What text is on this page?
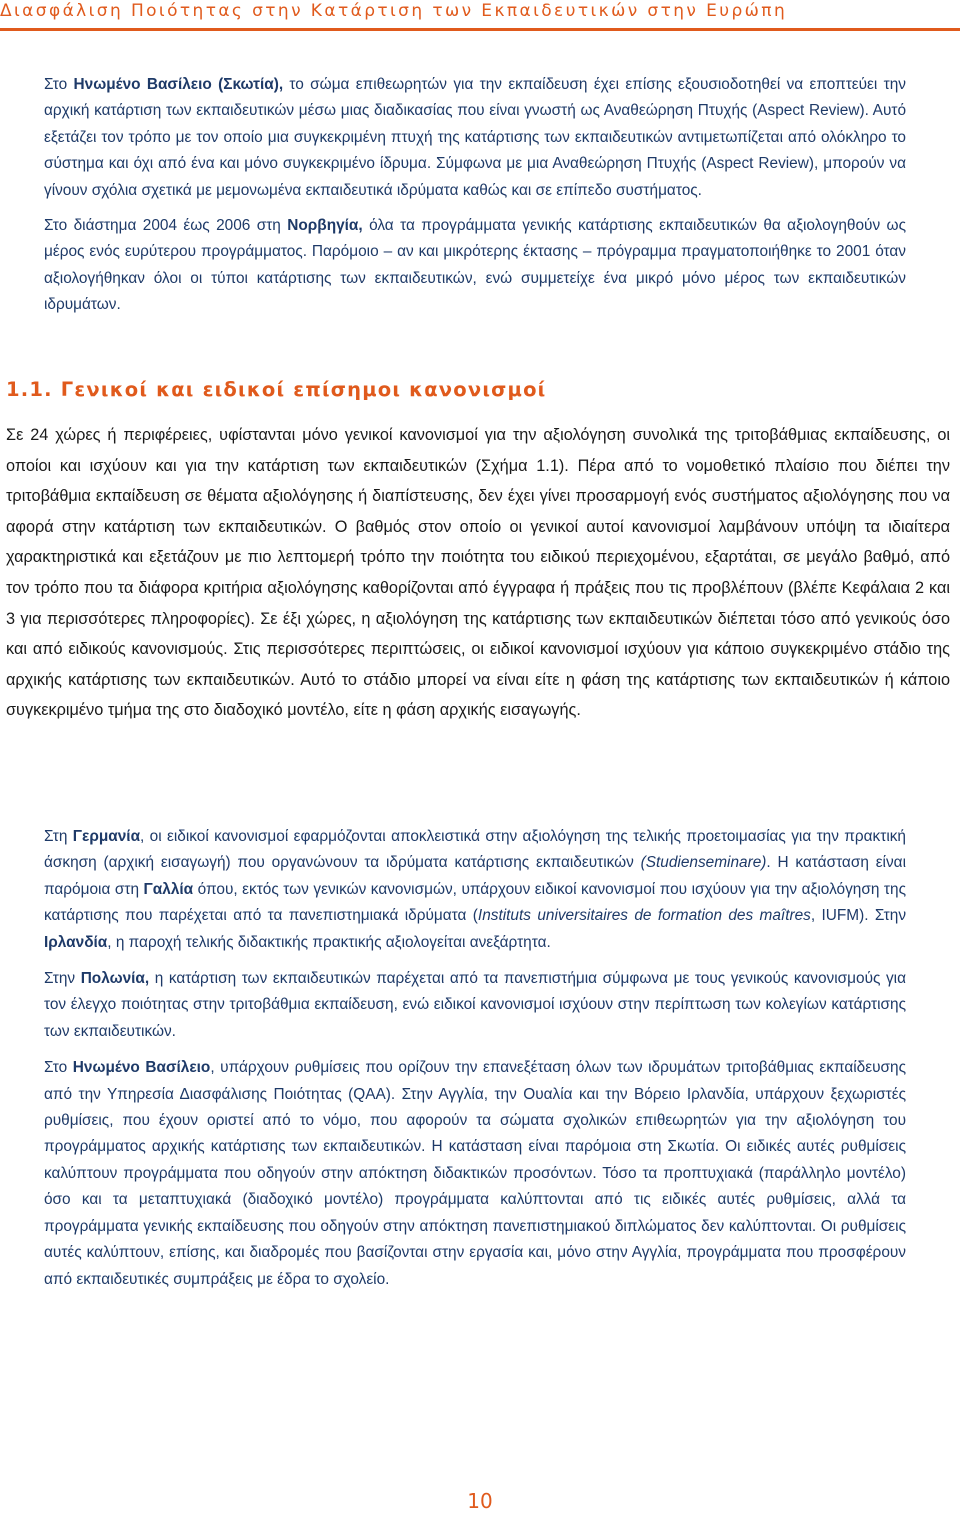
Διασφάλιση Ποιότητας στην Κατάρτιση των Εκπαιδευτικών στην Ευρώπη

Στο Ηνωμένο Βασίλειο (Σκωτία), το σώμα επιθεωρητών για την εκπαίδευση έχει επίσης εξουσιοδοτηθεί να εποπτεύει την αρχική κατάρτιση των εκπαιδευτικών μέσω μιας διαδικασίας που είναι γνωστή ως Αναθεώρηση Πτυχής (Aspect Review). Αυτό εξετάζει τον τρόπο με τον οποίο μια συγκεκριμένη πτυχή της κατάρτισης των εκπαιδευτικών αντιμετωπίζεται από ολόκληρο το σύστημα και όχι από ένα και μόνο συγκεκριμένο ίδρυμα. Σύμφωνα με μια Αναθεώρηση Πτυχής (Aspect Review), μπορούν να γίνουν σχόλια σχετικά με μεμονωμένα εκπαιδευτικά ιδρύματα καθώς και σε επίπεδο συστήματος.

Στο διάστημα 2004 έως 2006 στη Νορβηγία, όλα τα προγράμματα γενικής κατάρτισης εκπαιδευτικών θα αξιολογηθούν ως μέρος ενός ευρύτερου προγράμματος. Παρόμοιο – αν και μικρότερης έκτασης – πρόγραμμα πραγματοποιήθηκε το 2001 όταν αξιολογήθηκαν όλοι οι τύποι κατάρτισης των εκπαιδευτικών, ενώ συμμετείχε ένα μικρό μόνο μέρος των εκπαιδευτικών ιδρυμάτων.

1.1. Γενικοί και ειδικοί επίσημοι κανονισμοί

Σε 24 χώρες ή περιφέρειες, υφίστανται μόνο γενικοί κανονισμοί για την αξιολόγηση συνολικά της τριτοβάθμιας εκπαίδευσης, οι οποίοι και ισχύουν και για την κατάρτιση των εκπαιδευτικών (Σχήμα 1.1). Πέρα από το νομοθετικό πλαίσιο που διέπει την τριτοβάθμια εκπαίδευση σε θέματα αξιολόγησης ή διαπίστευσης, δεν έχει γίνει προσαρμογή ενός συστήματος αξιολόγησης που να αφορά στην κατάρτιση των εκπαιδευτικών. Ο βαθμός στον οποίο οι γενικοί αυτοί κανονισμοί λαμβάνουν υπόψη τα ιδιαίτερα χαρακτηριστικά και εξετάζουν με πιο λεπτομερή τρόπο την ποιότητα του ειδικού περιεχομένου, εξαρτάται, σε μεγάλο βαθμό, από τον τρόπο που τα διάφορα κριτήρια αξιολόγησης καθορίζονται από έγγραφα ή πράξεις που τις προβλέπουν (βλέπε Κεφάλαια 2 και 3 για περισσότερες πληροφορίες). Σε έξι χώρες, η αξιολόγηση της κατάρτισης των εκπαιδευτικών διέπεται τόσο από γενικούς όσο και από ειδικούς κανονισμούς. Στις περισσότερες περιπτώσεις, οι ειδικοί κανονισμοί ισχύουν για κάποιο συγκεκριμένο στάδιο της αρχικής κατάρτισης των εκπαιδευτικών. Αυτό το στάδιο μπορεί να είναι είτε η φάση της κατάρτισης των εκπαιδευτικών ή κάποιο συγκεκριμένο τμήμα της στο διαδοχικό μοντέλο, είτε η φάση αρχικής εισαγωγής.

Στη Γερμανία, οι ειδικοί κανονισμοί εφαρμόζονται αποκλειστικά στην αξιολόγηση της τελικής προετοιμασίας για την πρακτική άσκηση (αρχική εισαγωγή) που οργανώνουν τα ιδρύματα κατάρτισης εκπαιδευτικών (Studienseminare). Η κατάσταση είναι παρόμοια στη Γαλλία όπου, εκτός των γενικών κανονισμών, υπάρχουν ειδικοί κανονισμοί που ισχύουν για την αξιολόγηση της κατάρτισης που παρέχεται από τα πανεπιστημιακά ιδρύματα (Instituts universitaires de formation des maîtres, IUFM). Στην Ιρλανδία, η παροχή τελικής διδακτικής πρακτικής αξιολογείται ανεξάρτητα.

Στην Πολωνία, η κατάρτιση των εκπαιδευτικών παρέχεται από τα πανεπιστήμια σύμφωνα με τους γενικούς κανονισμούς για τον έλεγχο ποιότητας στην τριτοβάθμια εκπαίδευση, ενώ ειδικοί κανονισμοί ισχύουν στην περίπτωση των κολεγίων κατάρτισης των εκπαιδευτικών.

Στο Ηνωμένο Βασίλειο, υπάρχουν ρυθμίσεις που ορίζουν την επανεξέταση όλων των ιδρυμάτων τριτοβάθμιας εκπαίδευσης από την Υπηρεσία Διασφάλισης Ποιότητας (QAA). Στην Αγγλία, την Ουαλία και την Βόρειο Ιρλανδία, υπάρχουν ξεχωριστές ρυθμίσεις, που έχουν οριστεί από το νόμο, που αφορούν τα σώματα σχολικών επιθεωρητών για την αξιολόγηση του προγράμματος αρχικής κατάρτισης των εκπαιδευτικών. Η κατάσταση είναι παρόμοια στη Σκωτία. Οι ειδικές αυτές ρυθμίσεις καλύπτουν προγράμματα που οδηγούν στην απόκτηση διδακτικών προσόντων. Τόσο τα προπτυχιακά (παράλληλο μοντέλο) όσο και τα μεταπτυχιακά (διαδοχικό μοντέλο) προγράμματα καλύπτονται από τις ειδικές αυτές ρυθμίσεις, αλλά τα προγράμματα γενικής εκπαίδευσης που οδηγούν στην απόκτηση πανεπιστημιακού διπλώματος δεν καλύπτονται. Οι ρυθμίσεις αυτές καλύπτουν, επίσης, και διαδρομές που βασίζονται στην εργασία και, μόνο στην Αγγλία, προγράμματα που προσφέρουν από εκπαιδευτικές συμπράξεις με έδρα το σχολείο.

10
